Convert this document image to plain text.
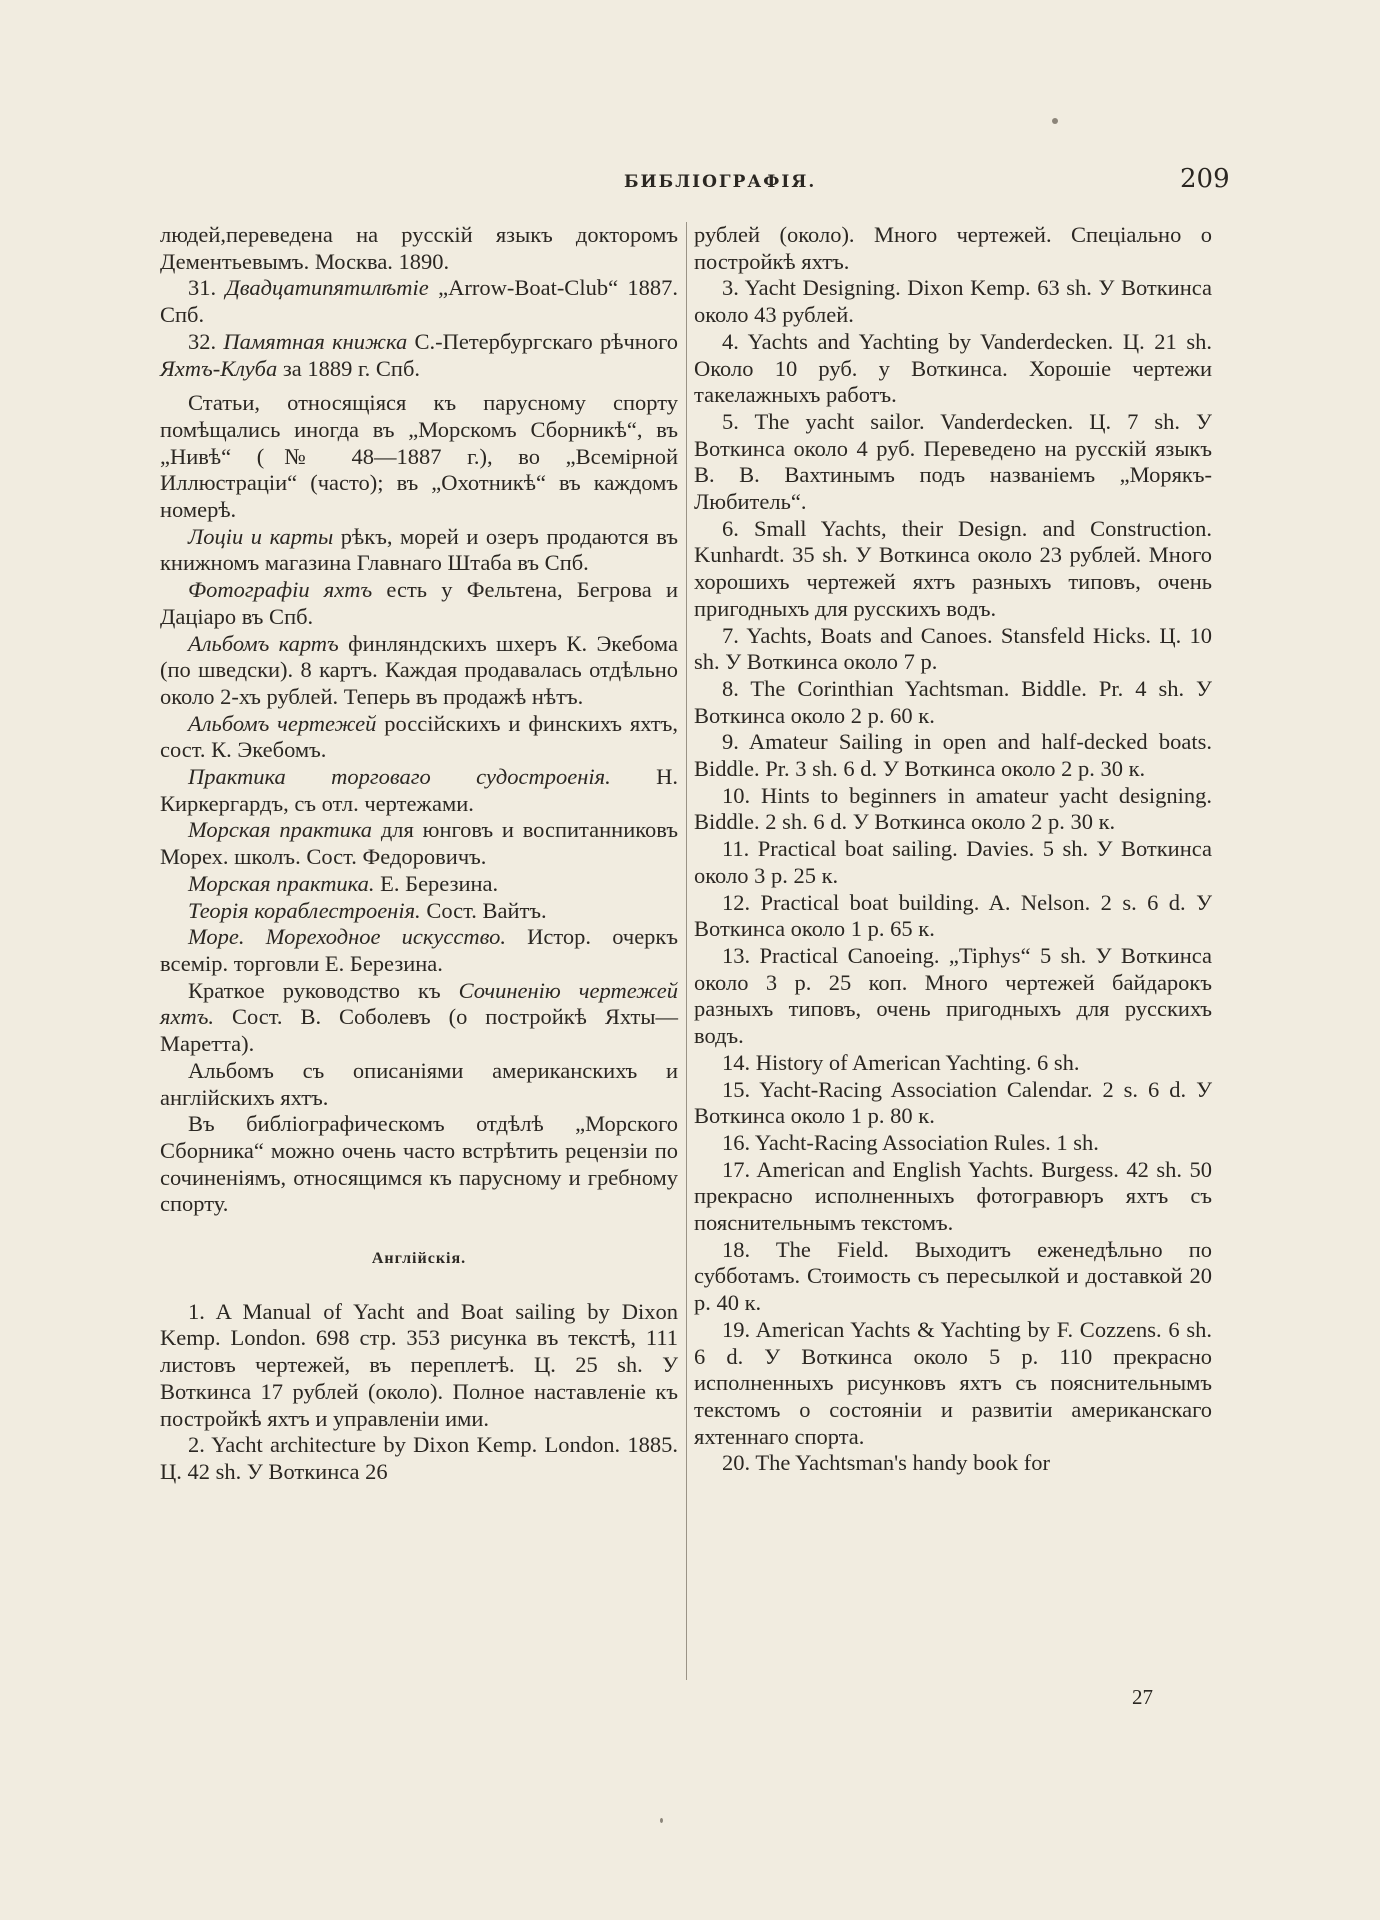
БИБЛІОГРАФІЯ.	209

людей,переведена на русскій языкъ докторомъ Дементьевымъ. Москва. 1890.

31. Двадцатипятилѣтіе „Arrow-Boat-Club“ 1887. Спб.

32. Памятная книжка С.-Петербургскаго рѣчного Яхтъ-Клуба за 1889 г. Спб.

Статьи, относящіяся къ парусному спорту помѣщались иногда въ „Морскомъ Сборникѣ“, въ „Нивѣ“ (№ 48—1887 г.), во „Всемірной Иллюстраціи“ (часто); въ „Охотникѣ“ въ каждомъ номерѣ.

Лоціи и карты рѣкъ, морей и озеръ продаются въ книжномъ магазина Главнаго Штаба въ Спб.

Фотографіи яхтъ есть у Фельтена, Бегрова и Даціаро въ Спб.

Альбомъ картъ финляндскихъ шхеръ К. Экебома (по шведски). 8 картъ. Каждая продавалась отдѣльно около 2-хъ рублей. Теперь въ продажѣ нѣтъ.

Альбомъ чертежей россійскихъ и финскихъ яхтъ, сост. К. Экебомъ.

Практика торговаго судостроенія. Н. Киркергардъ, съ отл. чертежами.

Морская практика для юнговъ и воспитанниковъ Морех. школъ. Сост. Федоровичъ.

Морская практика. Е. Березина.

Теорія кораблестроенія. Сост. Вайтъ.

Море. Мореходное искусство. Истор. очеркъ всемір. торговли Е. Березина.

Краткое руководство къ Сочиненію чертежей яхтъ. Сост. В. Соболевъ (о постройкѣ Яхты—Маретта).

Альбомъ съ описаніями американскихъ и англійскихъ яхтъ.

Въ библіографическомъ отдѣлѣ „Морского Сборника“ можно очень часто встрѣтить рецензіи по сочиненіямъ, относящимся къ парусному и гребному спорту.

Англійскія.

1. A Manual of Yacht and Boat sailing by Dixon Kemp. London. 698 стр. 353 рисунка въ текстѣ, 111 листовъ чертежей, въ переплетѣ. Ц. 25 sh. У Воткинса 17 рублей (около). Полное наставленіе къ постройкѣ яхтъ и управленіи ими.

2. Yacht architecture by Dixon Kemp. London. 1885. Ц. 42 sh. У Воткинса 26

рублей (около). Много чертежей. Спеціально о постройкѣ яхтъ.

3. Yacht Designing. Dixon Kemp. 63 sh. У Воткинса около 43 рублей.

4. Yachts and Yachting by Vanderdecken. Ц. 21 sh. Около 10 руб. у Воткинса. Хорошіе чертежи такелажныхъ работъ.

5. The yacht sailor. Vanderdecken. Ц. 7 sh. У Воткинса около 4 руб. Переведено на русскій языкъ В. В. Вахтинымъ подъ названіемъ „Морякъ-Любитель“.

6. Small Yachts, their Design. and Construction. Kunhardt. 35 sh. У Воткинса около 23 рублей. Много хорошихъ чертежей яхтъ разныхъ типовъ, очень пригодныхъ для русскихъ водъ.

7. Yachts, Boats and Canoes. Stansfeld Hicks. Ц. 10 sh. У Воткинса около 7 р.

8. The Corinthian Yachtsman. Biddle. Pr. 4 sh. У Воткинса около 2 р. 60 к.

9. Amateur Sailing in open and half-decked boats. Biddle. Pr. 3 sh. 6 d. У Воткинса около 2 р. 30 к.

10. Hints to beginners in amateur yacht designing. Biddle. 2 sh. 6 d. У Воткинса около 2 р. 30 к.

11. Practical boat sailing. Davies. 5 sh. У Воткинса около 3 р. 25 к.

12. Practical boat building. A. Nelson. 2 s. 6 d. У Воткинса около 1 р. 65 к.

13. Practical Canoeing. „Tiphys“ 5 sh. У Воткинса около 3 р. 25 коп. Много чертежей байдарокъ разныхъ типовъ, очень пригодныхъ для русскихъ водъ.

14. History of American Yachting. 6 sh.

15. Yacht-Racing Association Calendar. 2 s. 6 d. У Воткинса около 1 р. 80 к.

16. Yacht-Racing Association Rules. 1 sh.

17. American and English Yachts. Burgess. 42 sh. 50 прекрасно исполненныхъ фотогравюръ яхтъ съ пояснительнымъ текстомъ.

18. The Field. Выходитъ еженедѣльно по субботамъ. Стоимость съ пересылкой и доставкой 20 р. 40 к.

19. American Yachts & Yachting by F. Cozzens. 6 sh. 6 d. У Воткинса около 5 р. 110 прекрасно исполненныхъ рисунковъ яхтъ съ пояснительнымъ текстомъ о состояніи и развитіи американскаго яхтеннаго спорта.

20. The Yachtsman's handy book for

27
